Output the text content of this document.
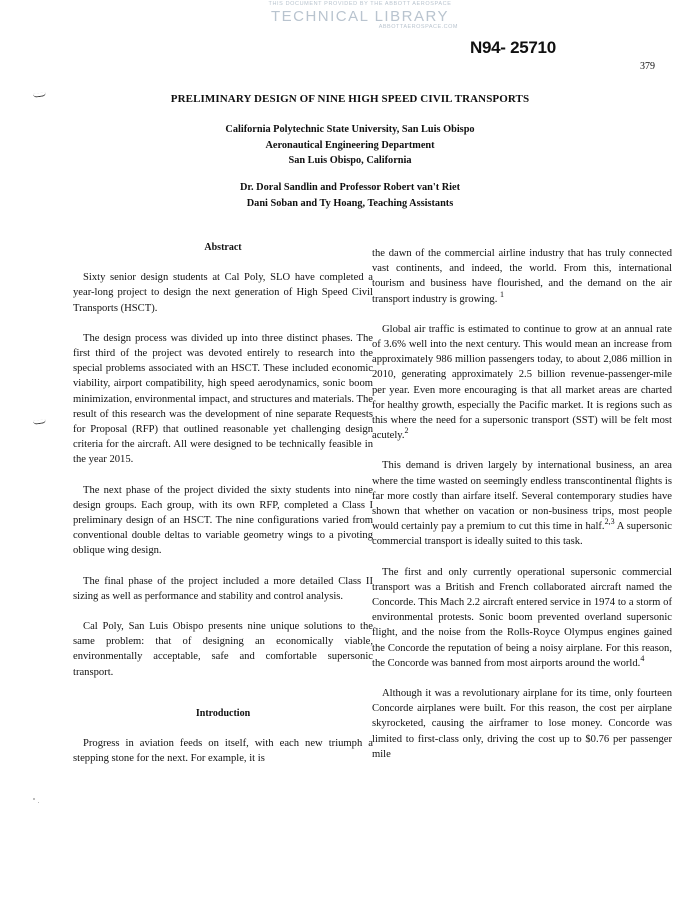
THIS DOCUMENT PROVIDED BY THE ABBOTT AEROSPACE
TECHNICAL LIBRARY
ABBOTTAEROSPACE.COM
N94- 25710
379
PRELIMINARY DESIGN OF NINE HIGH SPEED CIVIL TRANSPORTS
California Polytechnic State University, San Luis Obispo
Aeronautical Engineering Department
San Luis Obispo, California
Dr. Doral Sandlin and Professor Robert van't Riet
Dani Soban and Ty Hoang, Teaching Assistants
Abstract

Sixty senior design students at Cal Poly, SLO have completed a year-long project to design the next generation of High Speed Civil Transports (HSCT).

The design process was divided up into three distinct phases. The first third of the project was devoted entirely to research into the special problems associated with an HSCT. These included economic viability, airport compatibility, high speed aerodynamics, sonic boom minimization, environmental impact, and structures and materials. The result of this research was the development of nine separate Requests for Proposal (RFP) that outlined reasonable yet challenging design criteria for the aircraft. All were designed to be technically feasible in the year 2015.

The next phase of the project divided the sixty students into nine design groups. Each group, with its own RFP, completed a Class I preliminary design of an HSCT. The nine configurations varied from conventional double deltas to variable geometry wings to a pivoting oblique wing design.

The final phase of the project included a more detailed Class II sizing as well as performance and stability and control analysis.

Cal Poly, San Luis Obispo presents nine unique solutions to the same problem: that of designing an economically viable, environmentally acceptable, safe and comfortable supersonic transport.

Introduction

Progress in aviation feeds on itself, with each new triumph a stepping stone for the next. For example, it is

the dawn of the commercial airline industry that has truly connected vast continents, and indeed, the world. From this, international tourism and business have flourished, and the demand on the air transport industry is growing. $^1$

Global air traffic is estimated to continue to grow at an annual rate of 3.6% well into the next century. This would mean an increase from approximately 986 million passengers today, to about 2,086 million in 2010, generating approximately 2.5 billion revenue-passenger-mile per year. Even more encouraging is that all market areas are charted for healthy growth, especially the Pacific market. It is regions such as this where the need for a supersonic transport (SST) will be felt most acutely.$^2$

This demand is driven largely by international business, an area where the time wasted on seemingly endless transcontinental flights is far more costly than airfare itself. Several contemporary studies have shown that whether on vacation or non-business trips, most people would certainly pay a premium to cut this time in half.$^{2,3}$ A supersonic commercial transport is ideally suited to this task.

The first and only currently operational supersonic commercial transport was a British and French collaborated aircraft named the Concorde. This Mach 2.2 aircraft entered service in 1974 to a storm of environmental protests. Sonic boom prevented overland supersonic flight, and the noise from the Rolls-Royce Olympus engines gained the Concorde the reputation of being a noisy airplane. For this reason, the Concorde was banned from most airports around the world.$^4$

Although it was a revolutionary airplane for its time, only fourteen Concorde airplanes were built. For this reason, the cost per airplane skyrocketed, causing the airframer to lose money. Concorde was limited to first-class only, driving the cost up to $0.76 per passenger mile
